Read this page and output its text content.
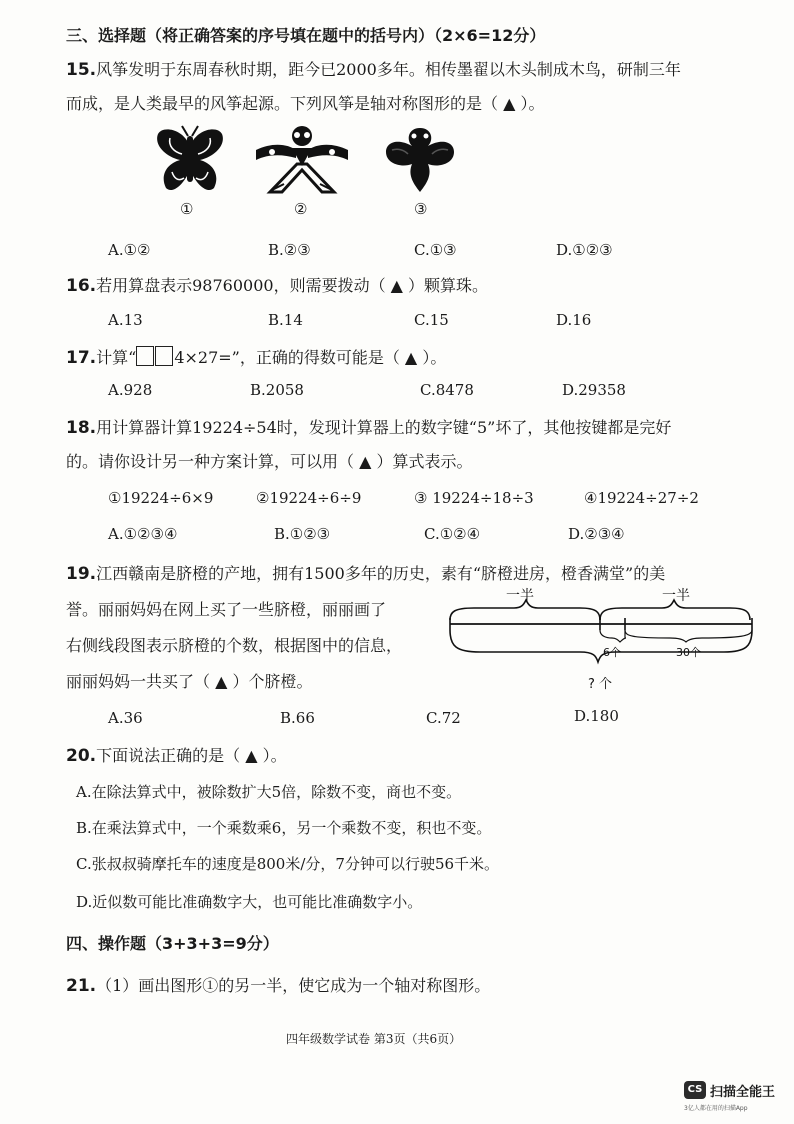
三、选择题（将正确答案的序号填在题中的括号内）（2×6=12分）
15.风筝发明于东周春秋时期，距今已2000多年。相传墨翟以木头制成木鸟，研制三年
而成，是人类最早的风筝起源。下列风筝是轴对称图形的是（ ▲ ）。
①	②	③
A.①②	B.②③	C.①③	D.①②③
16.若用算盘表示98760000，则需要拨动（ ▲ ）颗算珠。
A.13	B.14	C.15	D.16
17.计算“ 4×27=”，正确的得数可能是（ ▲ ）。
A.928	B.2058	C.8478	D.29358
18.用计算器计算19224÷54时，发现计算器上的数字键“5”坏了，其他按键都是完好
的。请你设计另一种方案计算，可以用（ ▲ ）算式表示。
①19224÷6×9	②19224÷6÷9	③ 19224÷18÷3	④19224÷27÷2
A.①②③④	B.①②③	C.①②④	D.②③④
19.江西赣南是脐橙的产地，拥有1500多年的历史，素有“脐橙进房，橙香满堂”的美
誉。丽丽妈妈在网上买了一些脐橙，丽丽画了
右侧线段图表示脐橙的个数，根据图中的信息，
丽丽妈妈一共买了（ ▲ ）个脐橙。
一半	一半
6个	30个
? 个
A.36	B.66	C.72	D.180
20.下面说法正确的是（ ▲ ）。
A.在除法算式中，被除数扩大5倍，除数不变，商也不变。
B.在乘法算式中，一个乘数乘6，另一个乘数不变，积也不变。
C.张叔叔骑摩托车的速度是800米/分，7分钟可以行驶56千米。
D.近似数可能比准确数字大，也可能比准确数字小。
四、操作题（3+3+3=9分）
21.（1）画出图形①的另一半，使它成为一个轴对称图形。
四年级数学试卷 第3页（共6页）
CS 扫描全能王
3亿人都在用的扫描App
